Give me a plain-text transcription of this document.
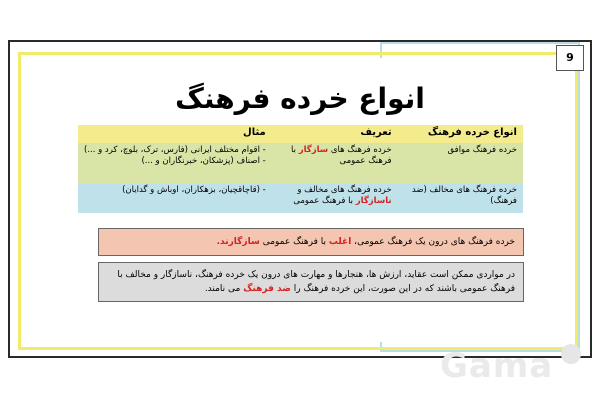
9
انواع خرده فرهنگ
انواع خرده فرهنگ	تعریف	مثال
خرده فرهنگ موافق	خرده فرهنگ های سازگار با فرهنگ عمومی	- اقوام مختلف ایرانی (فارس، ترک، بلوچ، کرد و ...)
- اصناف (پزشکان، خبرنگاران و ...)

خرده فرهنگ های مخالف (ضد فرهنگ)	خرده فرهنگ های مخالف و ناسازگار با فرهنگ عمومی	- (قاچاقچیان، بزهکاران، اوباش و گدایان)
خرده فرهنگ های درون یک فرهنگ عمومی، اغلب با فرهنگ عمومی سازگارند.
در مواردی ممکن است عقاید، ارزش ها، هنجارها و مهارت های درون یک خرده فرهنگ، ناسازگار و مخالف با فرهنگ عمومی باشند که در این صورت، این خرده فرهنگ را ضد فرهنگ می نامند.
Gama
